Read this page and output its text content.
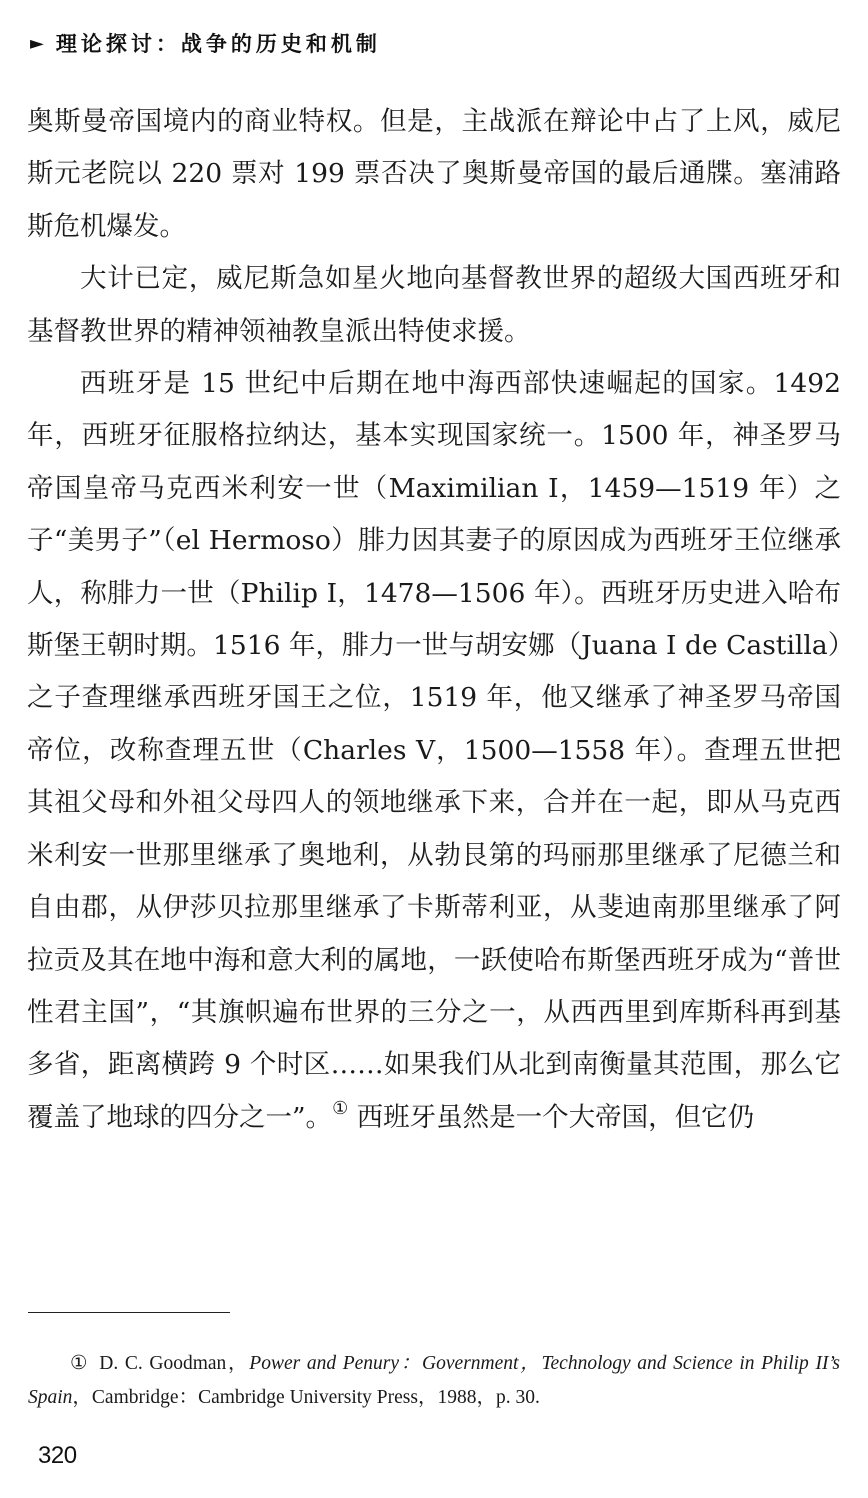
► 理论探讨：战争的历史和机制

奥斯曼帝国境内的商业特权。但是，主战派在辩论中占了上风，威尼斯元老院以 220 票对 199 票否决了奥斯曼帝国的最后通牒。塞浦路斯危机爆发。

大计已定，威尼斯急如星火地向基督教世界的超级大国西班牙和基督教世界的精神领袖教皇派出特使求援。

西班牙是 15 世纪中后期在地中海西部快速崛起的国家。1492 年，西班牙征服格拉纳达，基本实现国家统一。1500 年，神圣罗马帝国皇帝马克西米利安一世（Maximilian Ⅰ，1459—1519 年）之子“美男子”（el Hermoso）腓力因其妻子的原因成为西班牙王位继承人，称腓力一世（Philip Ⅰ，1478—1506 年）。西班牙历史进入哈布斯堡王朝时期。1516 年，腓力一世与胡安娜（Juana I de Castilla）之子查理继承西班牙国王之位，1519 年，他又继承了神圣罗马帝国帝位，改称查理五世（Charles Ⅴ，1500—1558 年）。查理五世把其祖父母和外祖父母四人的领地继承下来，合并在一起，即从马克西米利安一世那里继承了奥地利，从勃艮第的玛丽那里继承了尼德兰和自由郡，从伊莎贝拉那里继承了卡斯蒂利亚，从斐迪南那里继承了阿拉贡及其在地中海和意大利的属地，一跃使哈布斯堡西班牙成为“普世性君主国”，“其旗帜遍布世界的三分之一，从西西里到库斯科再到基多省，距离横跨 9 个时区……如果我们从北到南衡量其范围，那么它覆盖了地球的四分之一”。① 西班牙虽然是一个大帝国，但它仍

① D. C. Goodman，Power and Penury：Government，Technology and Science in Philip II’s Spain，Cambridge：Cambridge University Press，1988，p. 30.
320
